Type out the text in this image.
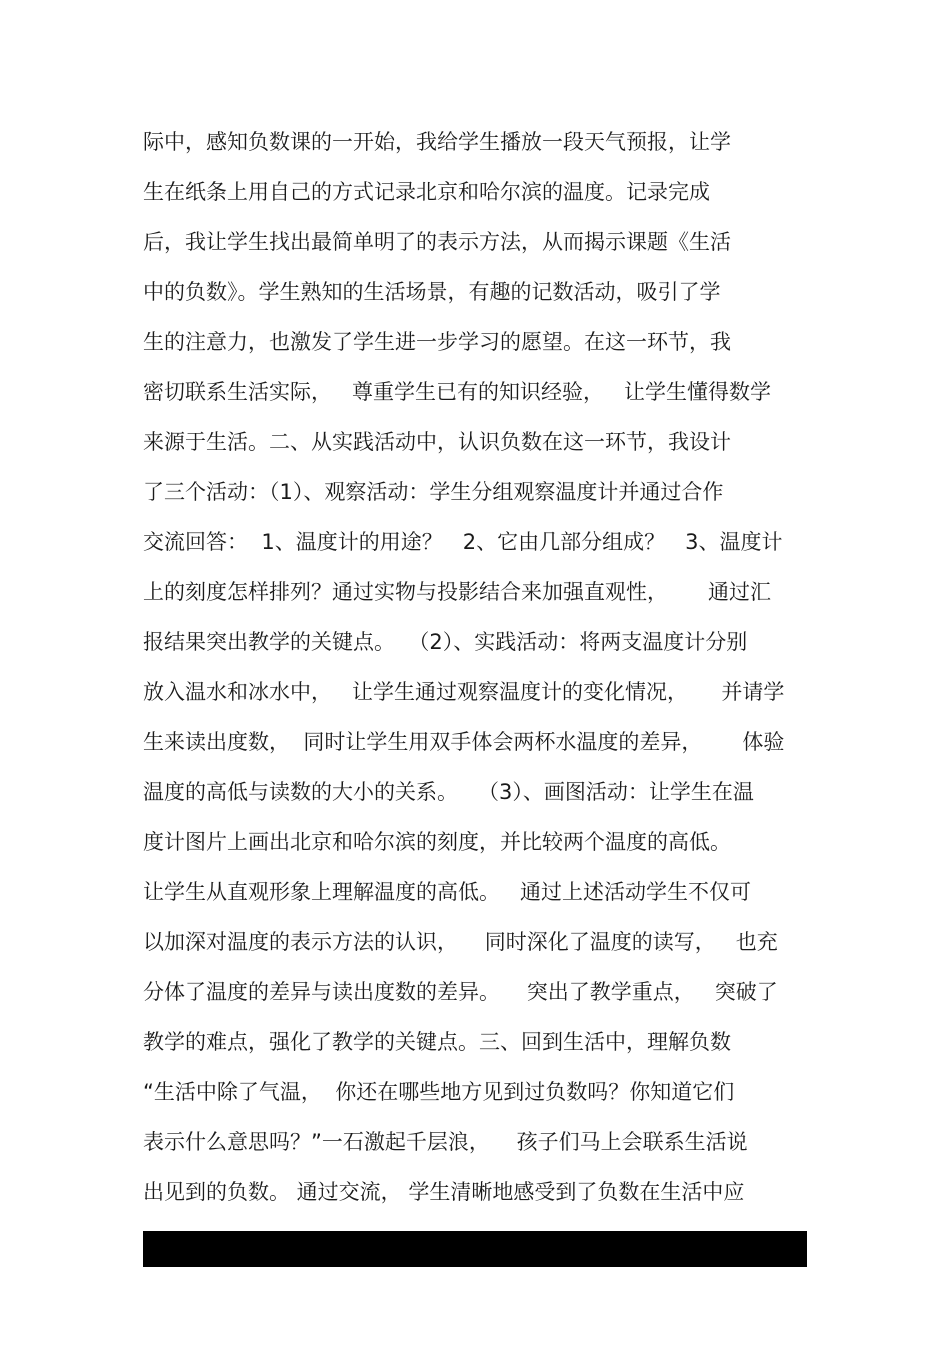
际中，感知负数课的一开始，我给学生播放一段天气预报，让学
生在纸条上用自己的方式记录北京和哈尔滨的温度。记录完成
后，我让学生找出最简单明了的表示方法，从而揭示课题《生活
中的负数》。学生熟知的生活场景，有趣的记数活动，吸引了学
生的注意力，也激发了学生进一步学习的愿望。在这一环节，我
密切联系生活实际，   尊重学生已有的知识经验，   让学生懂得数学
来源于生活。二、从实践活动中，认识负数在这一环节，我设计
了三个活动：（1）、观察活动：学生分组观察温度计并通过合作
交流回答：  1、温度计的用途？   2、它由几部分组成？   3、温度计
上的刻度怎样排列？通过实物与投影结合来加强直观性，      通过汇
报结果突出教学的关键点。  （2）、实践活动：将两支温度计分别
放入温水和冰水中，   让学生通过观察温度计的变化情况，     并请学
生来读出度数，  同时让学生用双手体会两杯水温度的差异，      体验
温度的高低与读数的大小的关系。   （3）、画图活动：让学生在温
度计图片上画出北京和哈尔滨的刻度，并比较两个温度的高低。
让学生从直观形象上理解温度的高低。   通过上述活动学生不仅可
以加深对温度的表示方法的认识，    同时深化了温度的读写，   也充
分体了温度的差异与读出度数的差异。    突出了教学重点，   突破了
教学的难点，强化了教学的关键点。三、回到生活中，理解负数
“生活中除了气温，  你还在哪些地方见到过负数吗？你知道它们
表示什么意思吗？”一石激起千层浪，    孩子们马上会联系生活说
出见到的负数。 通过交流， 学生清晰地感受到了负数在生活中应
